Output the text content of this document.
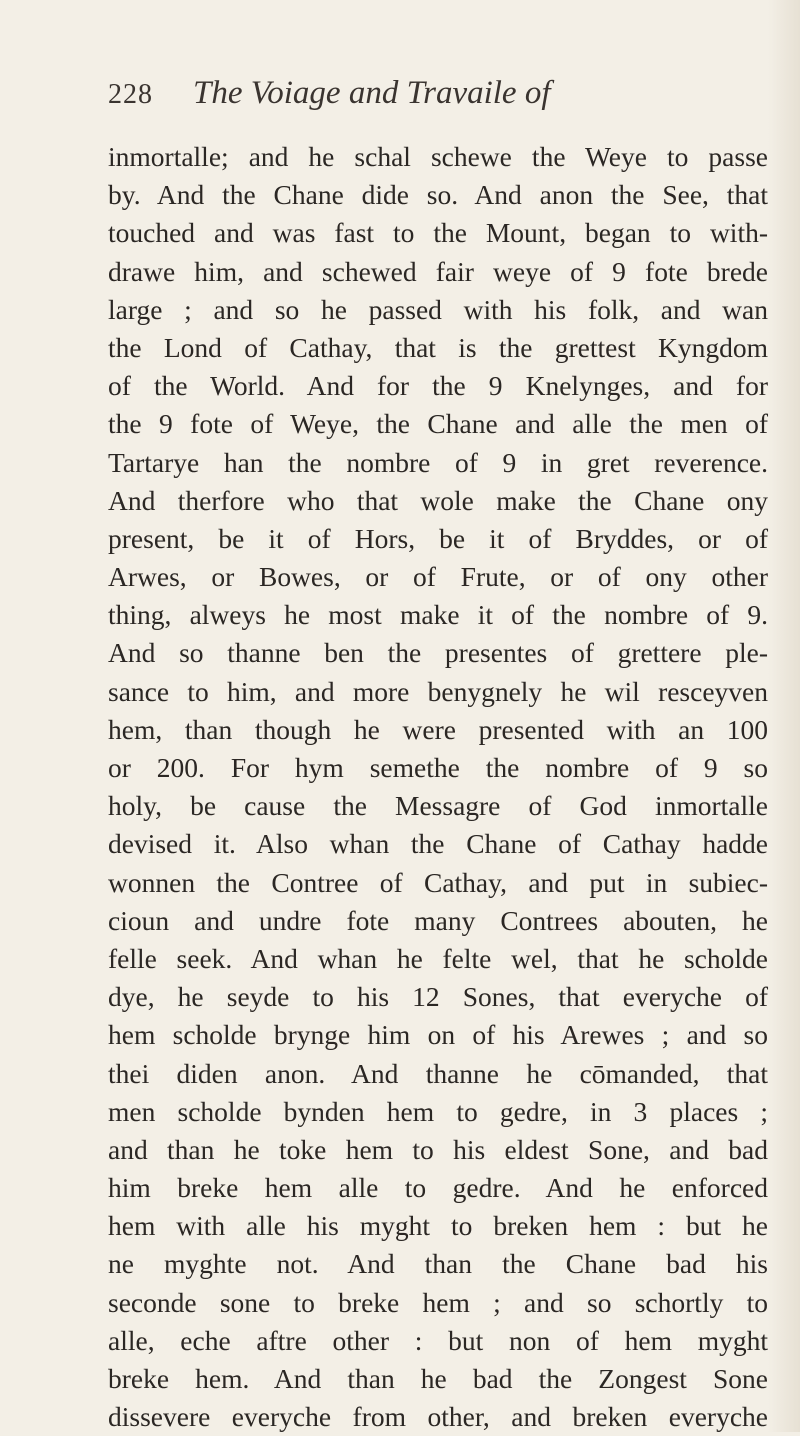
228 The Voiage and Travaile of
inmortalle; and he schal schewe the Weye to passe
by. And the Chane dide so. And anon the See, that
touched and was fast to the Mount, began to with-
drawe him, and schewed fair weye of 9 fote brede
large ; and so he passed with his folk, and wan
the Lond of Cathay, that is the grettest Kyngdom
of the World. And for the 9 Knelynges, and for
the 9 fote of Weye, the Chane and alle the men of
Tartarye han the nombre of 9 in gret reverence.
And therfore who that wole make the Chane ony
present, be it of Hors, be it of Bryddes, or of
Arwes, or Bowes, or of Frute, or of ony other
thing, alweys he most make it of the nombre of 9.
And so thanne ben the presentes of grettere ple-
sance to him, and more benygnely he wil resceyven
hem, than though he were presented with an 100
or 200. For hym semethe the nombre of 9 so
holy, be cause the Messagre of God inmortalle
devised it. Also whan the Chane of Cathay hadde
wonnen the Contree of Cathay, and put in subiec-
cioun and undre fote many Contrees abouten, he
felle seek. And whan he felte wel, that he scholde
dye, he seyde to his 12 Sones, that everyche of
hem scholde brynge him on of his Arewes ; and so
thei diden anon. And thanne he cōmanded, that
men scholde bynden hem to gedre, in 3 places ;
and than he toke hem to his eldest Sone, and bad
him breke hem alle to gedre. And he enforced
hem with alle his myght to breken hem : but he
ne myghte not. And than the Chane bad his
seconde sone to breke hem ; and so schortly to
alle, eche aftre other : but non of hem myght
breke hem. And than he bad the Zongest Sone
dissevere everyche from other, and breken everyche
